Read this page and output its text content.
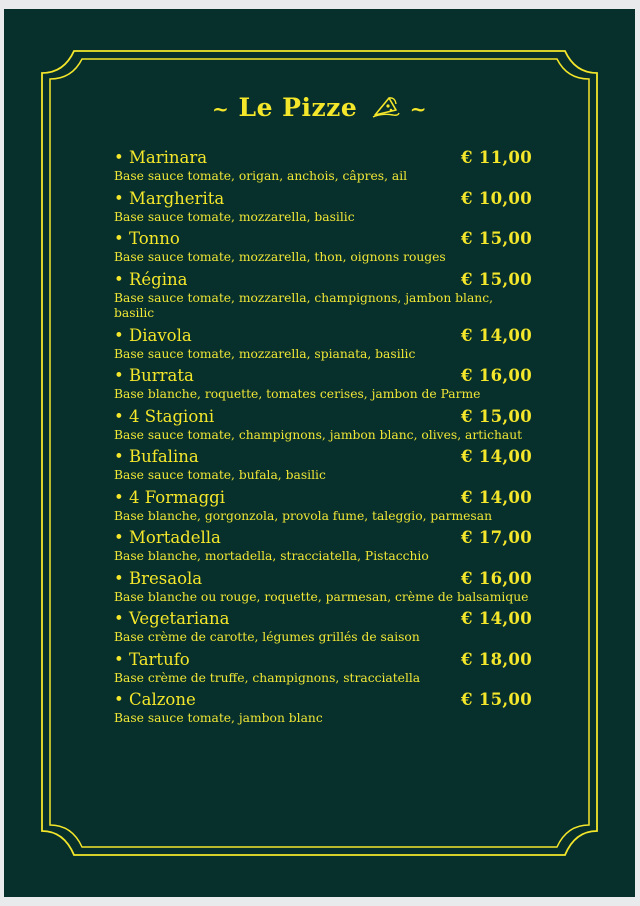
~ Le Pizze	~
• Marinara	€ 11,00
Base sauce tomate, origan, anchois, câpres, ail
• Margherita	€ 10,00
Base sauce tomate, mozzarella, basilic
• Tonno	€ 15,00
Base sauce tomate, mozzarella, thon, oignons rouges
• Régina	€ 15,00
Base sauce tomate, mozzarella, champignons, jambon blanc, basilic
• Diavola	€ 14,00
Base sauce tomate, mozzarella, spianata, basilic
• Burrata	€ 16,00
Base blanche, roquette, tomates cerises, jambon de Parme
• 4 Stagioni	€ 15,00
Base sauce tomate, champignons, jambon blanc, olives, artichaut
• Bufalina	€ 14,00
Base sauce tomate, bufala, basilic
• 4 Formaggi	€ 14,00
Base blanche, gorgonzola, provola fume, taleggio, parmesan
• Mortadella	€ 17,00
Base blanche, mortadella, stracciatella, Pistacchio
• Bresaola	€ 16,00
Base blanche ou rouge, roquette, parmesan, crème de balsamique
• Vegetariana	€ 14,00
Base crème de carotte, légumes grillés de saison
• Tartufo	€ 18,00
Base crème de truffe, champignons, stracciatella
• Calzone	€ 15,00
Base sauce tomate, jambon blanc
